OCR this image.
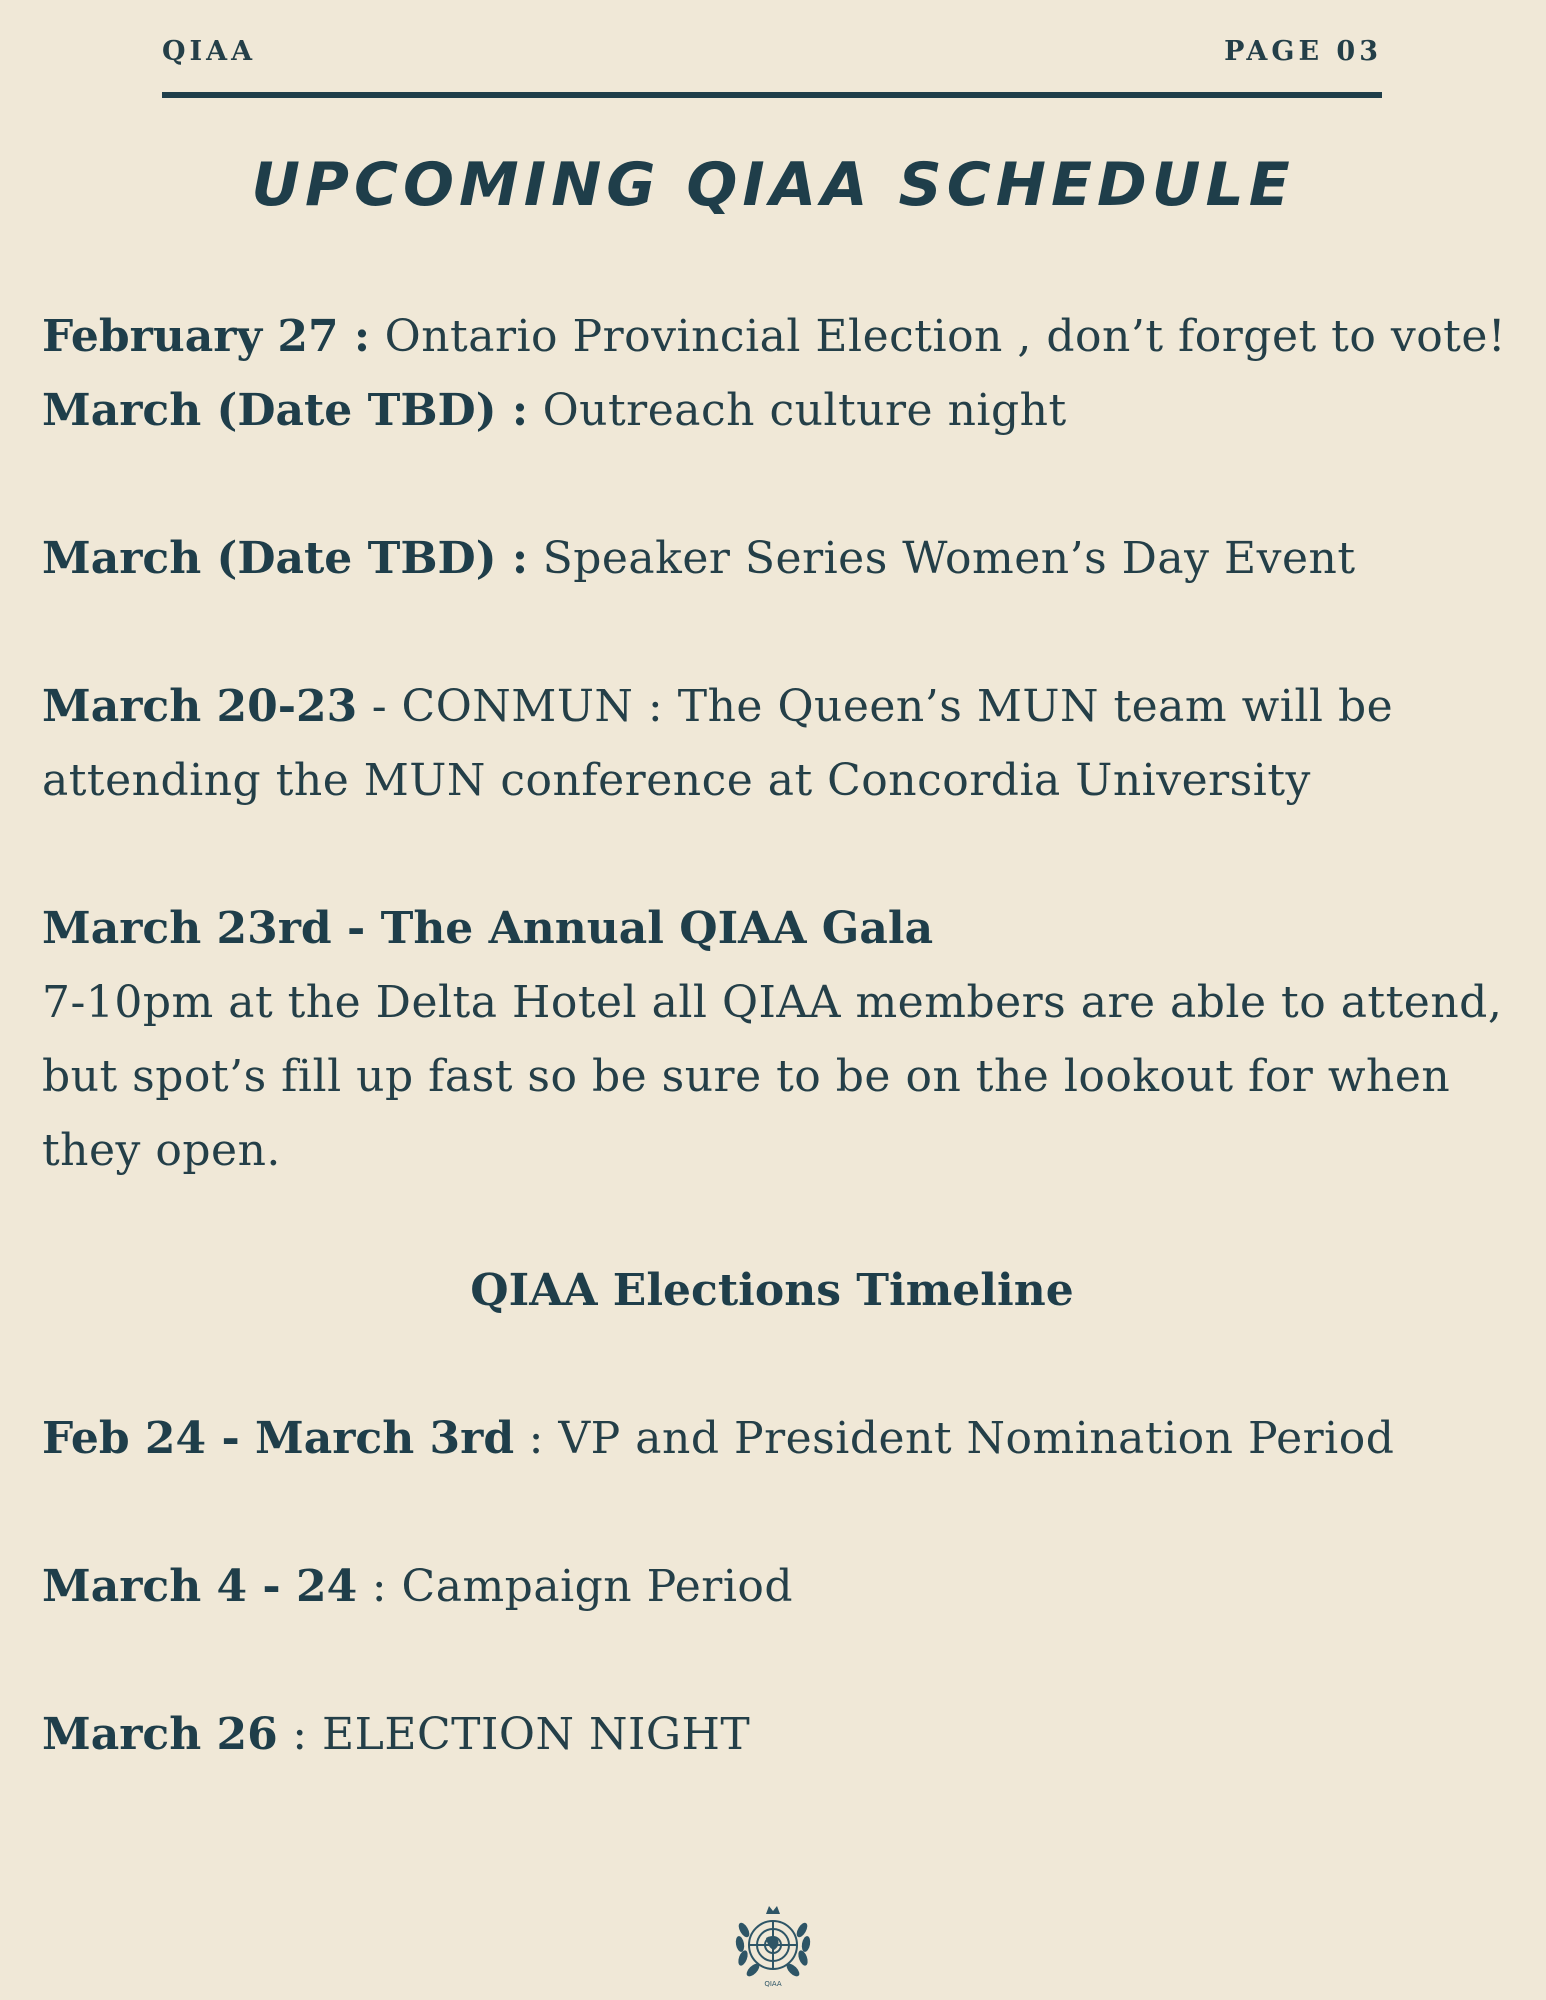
QIAA	PAGE 03
UPCOMING QIAA SCHEDULE
February 27 : Ontario Provincial Election , don’t forget to vote!
March (Date TBD) : Outreach culture night
March (Date TBD) : Speaker Series Women’s Day Event
March 20-23 - CONMUN : The Queen’s MUN team will be
attending the MUN conference at Concordia University
March 23rd - The Annual QIAA Gala
7-10pm at the Delta Hotel all QIAA members are able to attend,
but spot’s fill up fast so be sure to be on the lookout for when
they open.
QIAA Elections Timeline
Feb 24 - March 3rd : VP and President Nomination Period
March 4 - 24 : Campaign Period
March 26 : ELECTION NIGHT
QIAA
